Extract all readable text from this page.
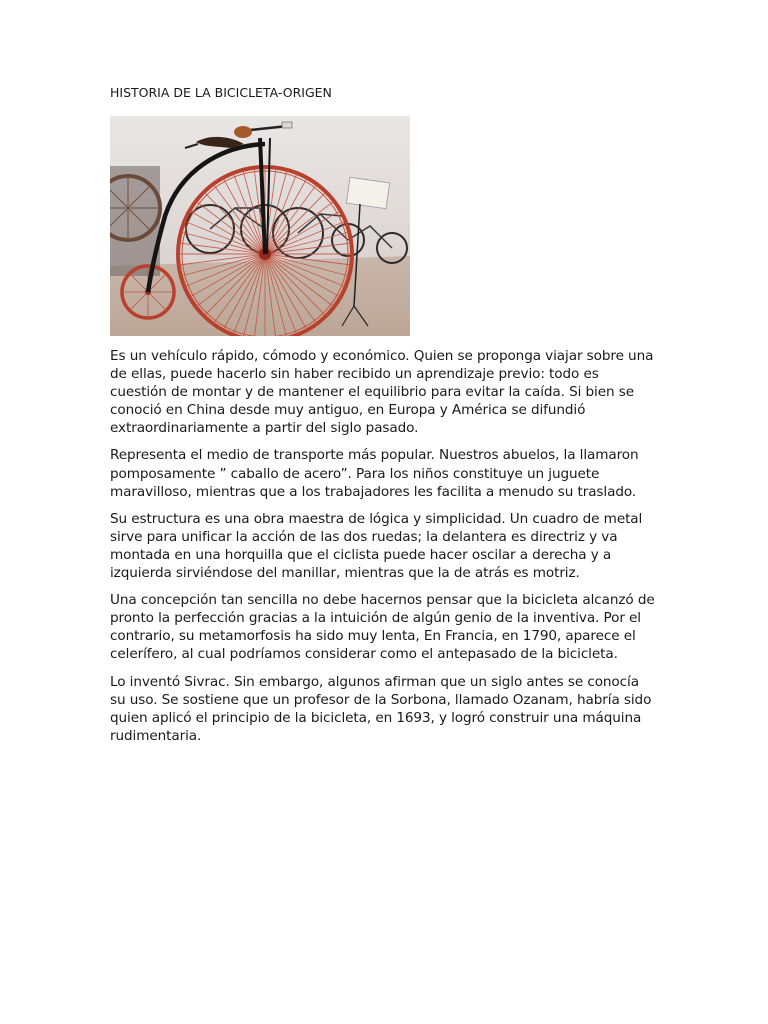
HISTORIA DE LA BICICLETA-ORIGEN

Es un vehículo rápido, cómodo y económico. Quien se proponga viajar sobre una de ellas, puede hacerlo sin haber recibido un aprendizaje previo: todo es cuestión de montar y de mantener el equilibrio para evitar la caída. Si bien se conoció en China desde muy antiguo, en Europa y América se difundió extraordinariamente a partir del siglo pasado.

Representa el medio de transporte más popular. Nuestros abuelos, la llamaron pomposamente ” caballo de acero”. Para los niños constituye un juguete maravilloso, mientras que a los trabajadores les facilita a menudo su traslado.

Su estructura es una obra maestra de lógica y simplicidad. Un cuadro de metal sirve para unificar la acción de las dos ruedas; la delantera es directriz y va montada en una horquilla que el ciclista puede hacer oscilar a derecha y a izquierda sirviéndose del manillar, mientras que la de atrás es motriz.

Una concepción tan sencilla no debe hacernos pensar que la bicicleta alcanzó de pronto la perfección gracias a la intuición de algún genio de la inventiva. Por el contrario, su metamorfosis ha sido muy lenta, En Francia, en 1790, aparece el celerífero, al cual podríamos considerar como el antepasado de la bicicleta.

Lo inventó Sivrac. Sin embargo, algunos afirman que un siglo antes se conocía su uso. Se sostiene que un profesor de la Sorbona, llamado Ozanam, habría sido quien aplicó el principio de la bicicleta, en 1693, y logró construir una máquina rudimentaria.
